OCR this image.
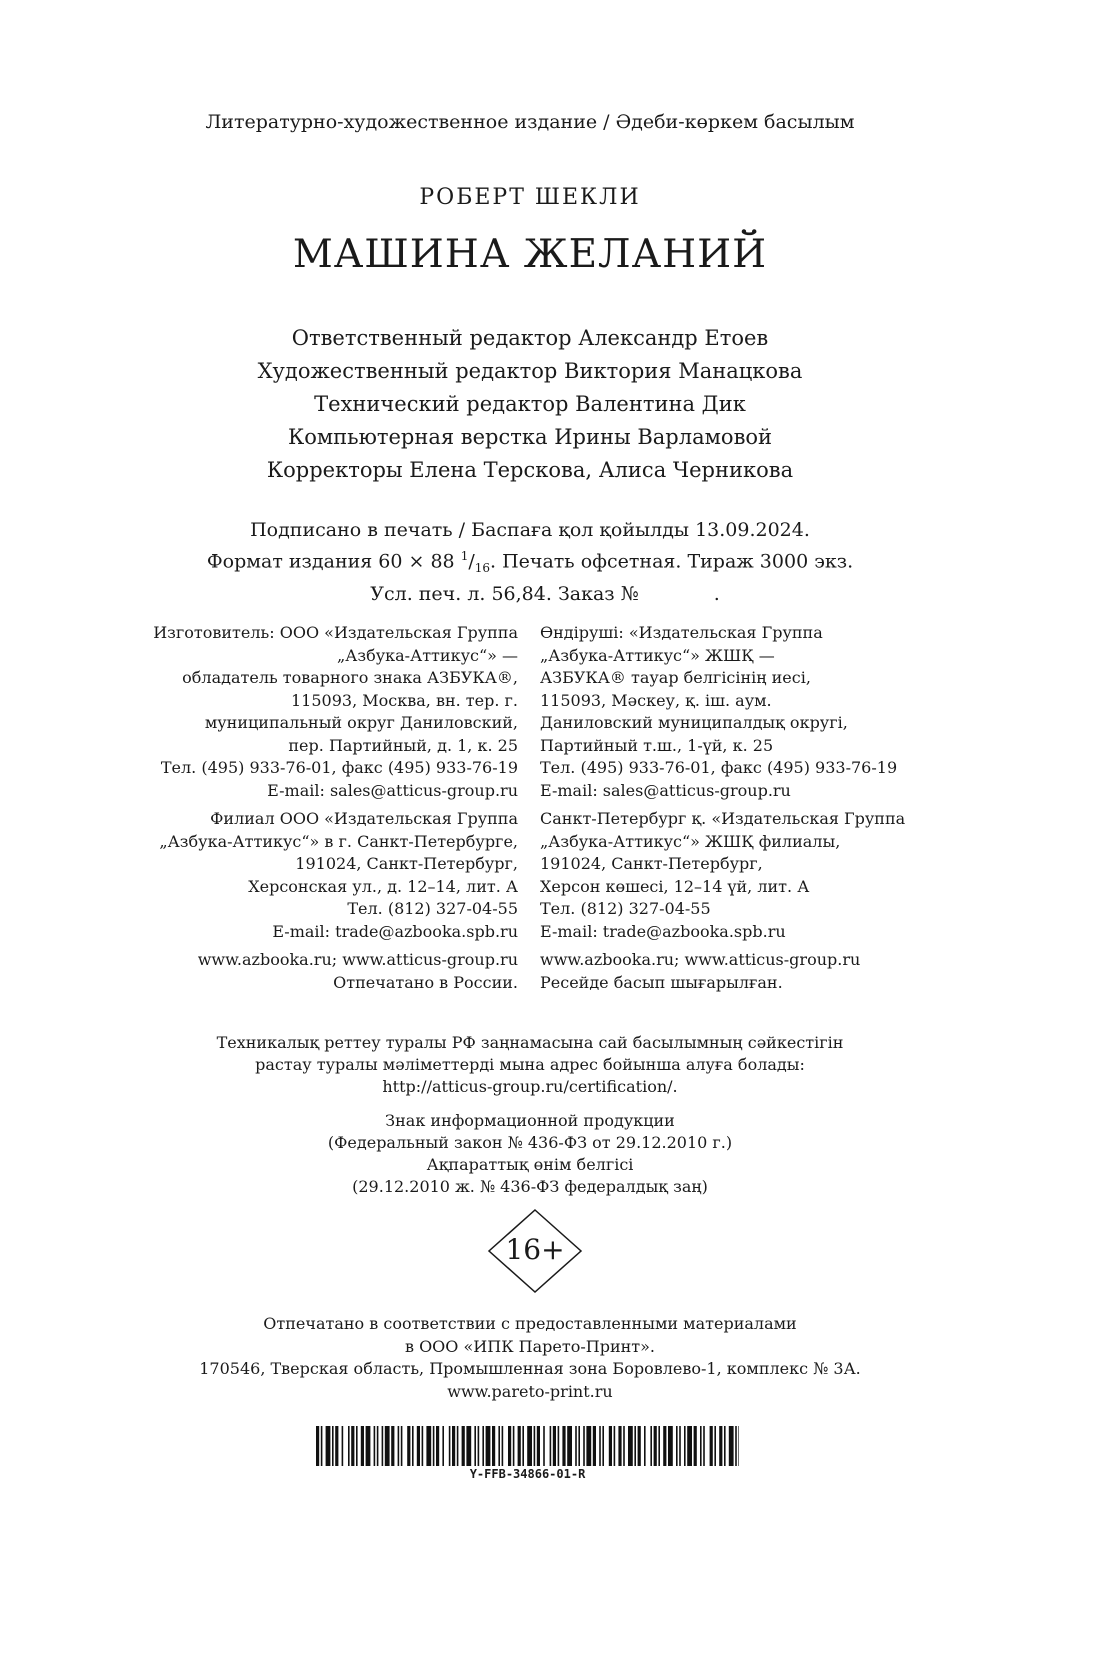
Литературно-художественное издание / Әдеби-көркем басылым
РОБЕРТ ШЕКЛИ
МАШИНА ЖЕЛАНИЙ
Ответственный редактор Александр Етоев
Художественный редактор Виктория Манацкова
Технический редактор Валентина Дик
Компьютерная верстка Ирины Варламовой
Корректоры Елена Терскова, Алиса Черникова
Подписано в печать / Баспаға қол қойылды 13.09.2024.
Формат издания 60 × 88 $^1/_{16}$. Печать офсетная. Тираж 3000 экз.
Усл. печ. л. 56,84. Заказ №	.
Изготовитель: ООО «Издательская Группа
„Азбука-Аттикус“» —
обладатель товарного знака АЗБУКА®,
115093, Москва, вн. тер. г.
муниципальный округ Даниловский,
пер. Партийный, д. 1, к. 25
Тел. (495) 933-76-01, факс (495) 933-76-19
E-mail: sales@atticus-group.ru
Филиал ООО «Издательская Группа
„Азбука-Аттикус“» в г. Санкт-Петербурге,
191024, Санкт-Петербург,
Херсонская ул., д. 12–14, лит. А
Тел. (812) 327-04-55
E-mail: trade@azbooka.spb.ru
www.azbooka.ru; www.atticus-group.ru
Отпечатано в России.
Өндіруші: «Издательская Группа
„Азбука-Аттикус“» ЖШҚ —
АЗБУКА® тауар белгісінің иесі,
115093, Мәскеу, қ. іш. аум.
Даниловский муниципалдық округі,
Партийный т.ш., 1-үй, к. 25
Тел. (495) 933-76-01, факс (495) 933-76-19
E-mail: sales@atticus-group.ru
Санкт-Петербург қ. «Издательская Группа
„Азбука-Аттикус“» ЖШҚ филиалы,
191024, Санкт-Петербург,
Херсон көшесі, 12–14 үй, лит. А
Тел. (812) 327-04-55
E-mail: trade@azbooka.spb.ru
www.azbooka.ru; www.atticus-group.ru
Ресейде басып шығарылған.
Техникалық реттеу туралы РФ заңнамасына сай басылымның сәйкестігін
растау туралы мәліметтерді мына адрес бойынша алуға болады:
http://atticus-group.ru/certification/.
Знак информационной продукции
(Федеральный закон № 436-ФЗ от 29.12.2010 г.)
Ақпараттық өнім белгісі
(29.12.2010 ж. № 436-ФЗ федералдық заң)
16+
Отпечатано в соответствии с предоставленными материалами
в ООО «ИПК Парето-Принт».
170546, Тверская область, Промышленная зона Боровлево-1, комплекс № 3А.
www.pareto-print.ru
Y-FFB-34866-01-R
